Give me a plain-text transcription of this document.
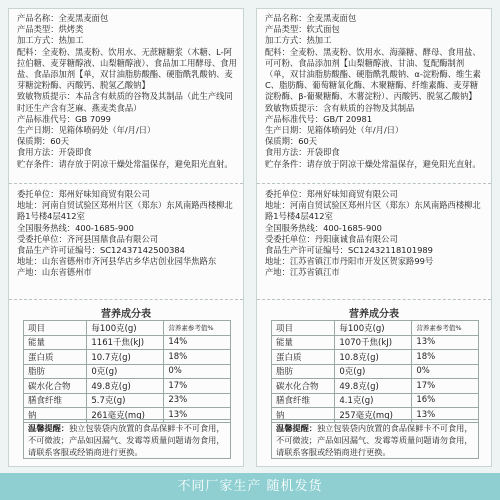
产品名称：全麦黑麦面包
产品类型：烘烤类
加工方式：热加工
配料：全麦粉、黑麦粉、饮用水、无蔗糖糖浆（木糖、L-阿拉伯糖、麦芽糖醇液、山梨糖醇液）、食品加工用酵母、食用盐、食品添加剂【单，双甘油脂肪酸酯、硬脂酰乳酸钠、麦芽糖淀粉酶、丙酸钙、脱氢乙酸钠】
致敏物质提示：本品含有麸质的谷物及其制品（此生产线同时还生产含有芝麻、燕麦类食品）
产品标准代号：GB 7099
生产日期：见箱体喷码处（年/月/日）
保质期：60天
食用方法：开袋即食
贮存条件：请存放于阴凉干燥处常温保存，避免阳光直射。
委托单位：郑州好味知商贸有限公司
地址：河南自贸试验区郑州片区（郑东）东风南路西楼柳北路1号楼4层412室
全国服务热线：400-1685-900
受委托单位：齐河县国鼎食品有限公司
食品生产许可证编号：SC12437142500384
地址：山东省德州市齐河县华店乡华店创业园华焦路东
产地：山东省德州市
营养成分表
项目	每100克(g)	营养素参考值%
能量	1161千焦(kJ)	14%
蛋白质	10.7克(g)	18%
脂肪	0克(g)	0%
碳水化合物	49.8克(g)	17%
膳食纤维	5.7克(g)	23%
钠	261毫克(mg)	13%
温馨提醒：独立包装袋内放置的食品保鲜卡不可食用，不可微波；产品如因漏气、发霉等质量问题请勿食用，请联系客服或经销商进行更换。
产品名称：全麦黑麦面包
产品类型：软式面包
加工方式：热加工
配料：全麦粉、黑麦粉、饮用水、海藻糖、酵母、食用盐、可可粉、食品添加剂【山梨糖醇液、甘油、复配酶制剂（单，双甘油脂肪酸酯、硬脂酰乳酸钠、α-淀粉酶、维生素C、脂肪酶、葡萄糖氧化酶、木聚糖酶、纤维素酶、麦芽糖淀粉酶、β-葡聚糖酶、木薯淀粉）、丙酸钙、脱氢乙酸钠】
致敏物质提示：含有麸质的谷物及其制品
产品标准代号：GB/T 20981
生产日期：见箱体喷码处（年/月/日）
保质期：60天
食用方法：开袋即食
贮存条件：请存放于阴凉干燥处常温保存，避免阳光直射。
委托单位：郑州好味知商贸有限公司
地址：河南自贸试验区郑州片区（郑东）东风南路西楼柳北路1号楼4层412室
全国服务热线：400-1685-900
受委托单位：丹阳康诚食品有限公司
食品生产许可证编号：SC12432118101989
地址：江苏省镇江市丹阳市开发区贺家路99号
产地：江苏省镇江市
营养成分表
项目	每100克(g)	营养素参考值%
能量	1070千焦(kJ)	13%
蛋白质	10.8克(g)	18%
脂肪	0克(g)	0%
碳水化合物	49.8克(g)	17%
膳食纤维	4.1克(g)	16%
钠	257毫克(mg)	13%
温馨提醒：独立包装袋内放置的食品保鲜卡不可食用，不可微波；产品如因漏气、发霉等质量问题请勿食用，请联系客服或经销商进行更换。
不同厂家生产 随机发货
